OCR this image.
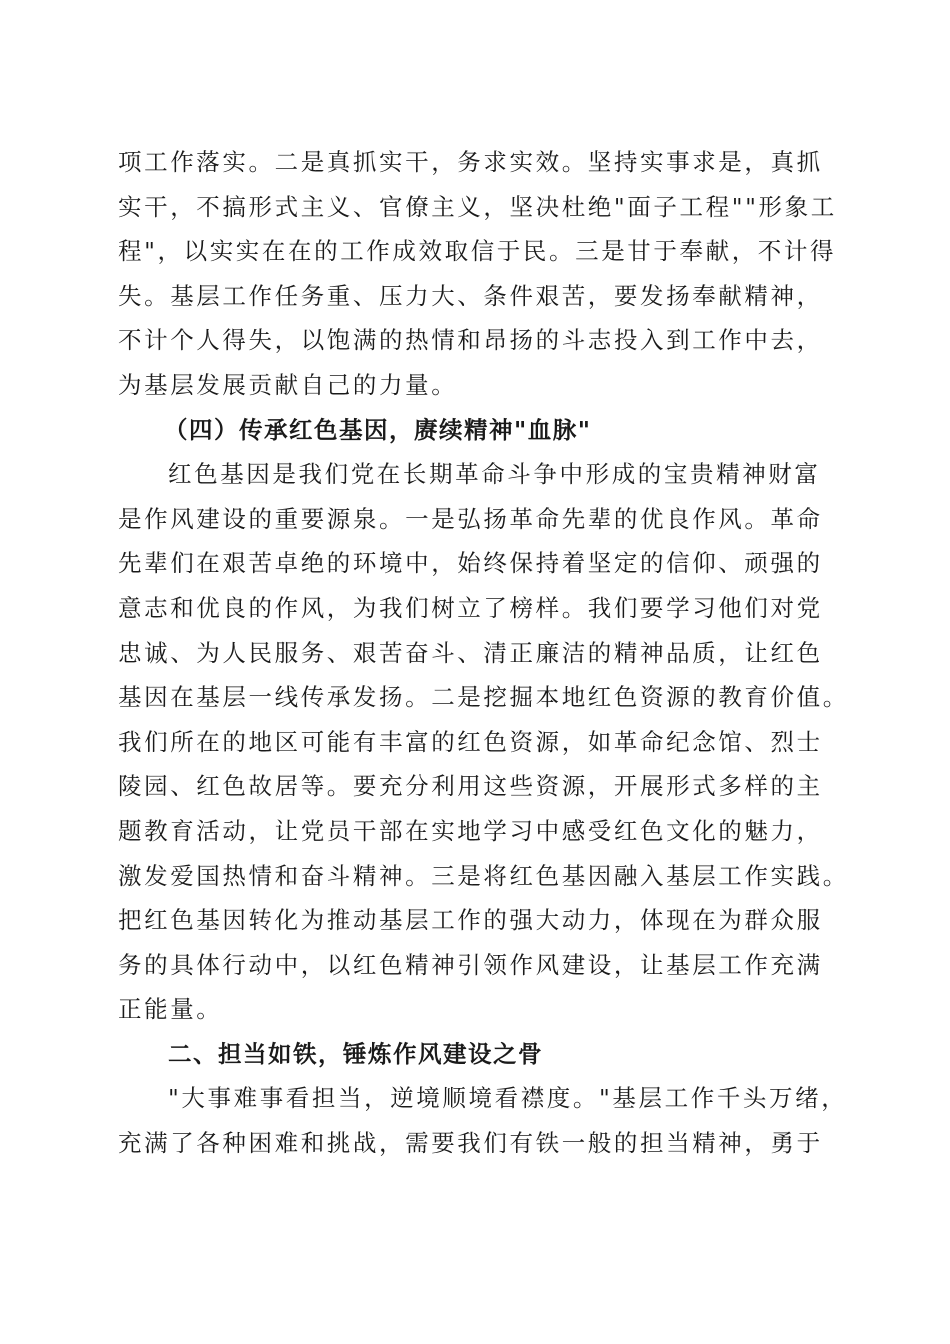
项工作落实。二是真抓实干，务求实效。坚持实事求是，真抓
实干，不搞形式主义、官僚主义，坚决杜绝"面子工程""形象工
程"，以实实在在的工作成效取信于民。三是甘于奉献，不计得
失。基层工作任务重、压力大、条件艰苦，要发扬奉献精神，
不计个人得失，以饱满的热情和昂扬的斗志投入到工作中去，
为基层发展贡献自己的力量。
（四）传承红色基因，赓续精神"血脉"
红色基因是我们党在长期革命斗争中形成的宝贵精神财富
是作风建设的重要源泉。一是弘扬革命先辈的优良作风。革命
先辈们在艰苦卓绝的环境中，始终保持着坚定的信仰、顽强的
意志和优良的作风，为我们树立了榜样。我们要学习他们对党
忠诚、为人民服务、艰苦奋斗、清正廉洁的精神品质，让红色
基因在基层一线传承发扬。二是挖掘本地红色资源的教育价值。
我们所在的地区可能有丰富的红色资源，如革命纪念馆、烈士
陵园、红色故居等。要充分利用这些资源，开展形式多样的主
题教育活动，让党员干部在实地学习中感受红色文化的魅力，
激发爱国热情和奋斗精神。三是将红色基因融入基层工作实践。
把红色基因转化为推动基层工作的强大动力，体现在为群众服
务的具体行动中，以红色精神引领作风建设，让基层工作充满
正能量。
二、担当如铁，锤炼作风建设之骨
"大事难事看担当，逆境顺境看襟度。"基层工作千头万绪，
充满了各种困难和挑战，需要我们有铁一般的担当精神，勇于
